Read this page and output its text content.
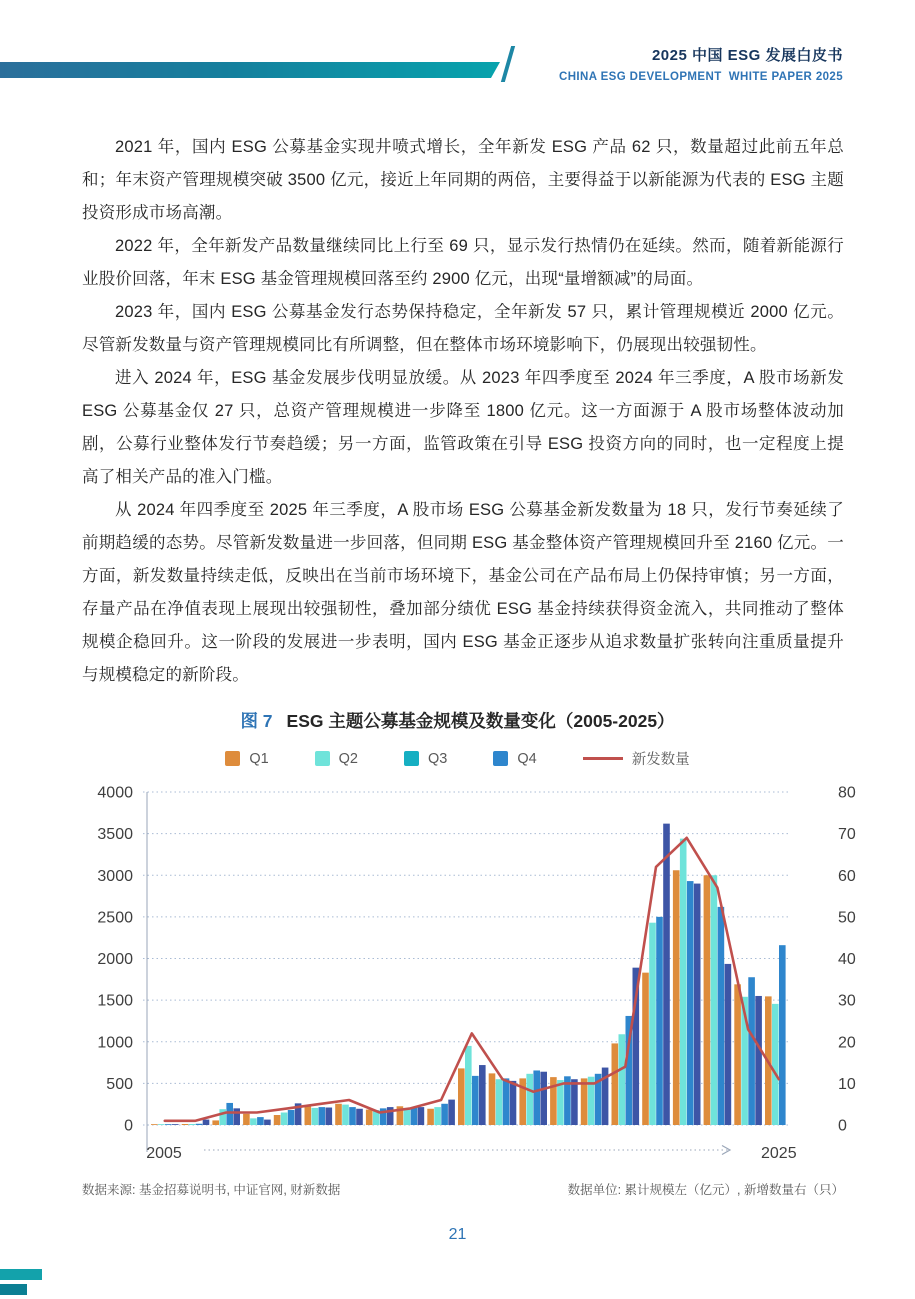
2025 中国 ESG 发展白皮书
CHINA ESG DEVELOPMENT  WHITE PAPER 2025

2021 年，国内 ESG 公募基金实现井喷式增长，全年新发 ESG 产品 62 只，数量超过此前五年总和；年末资产管理规模突破 3500 亿元，接近上年同期的两倍，主要得益于以新能源为代表的 ESG 主题投资形成市场高潮。

2022 年，全年新发产品数量继续同比上行至 69 只，显示发行热情仍在延续。然而，随着新能源行业股价回落，年末 ESG 基金管理规模回落至约 2900 亿元，出现“量增额减”的局面。

2023 年，国内 ESG 公募基金发行态势保持稳定，全年新发 57 只，累计管理规模近 2000 亿元。尽管新发数量与资产管理规模同比有所调整，但在整体市场环境影响下，仍展现出较强韧性。

进入 2024 年，ESG 基金发展步伐明显放缓。从 2023 年四季度至 2024 年三季度，A 股市场新发 ESG 公募基金仅 27 只，总资产管理规模进一步降至 1800 亿元。这一方面源于 A 股市场整体波动加剧，公募行业整体发行节奏趋缓；另一方面，监管政策在引导 ESG 投资方向的同时，也一定程度上提高了相关产品的准入门槛。

从 2024 年四季度至 2025 年三季度，A 股市场 ESG 公募基金新发数量为 18 只，发行节奏延续了前期趋缓的态势。尽管新发数量进一步回落，但同期 ESG 基金整体资产管理规模回升至 2160 亿元。一方面，新发数量持续走低，反映出在当前市场环境下，基金公司在产品布局上仍保持审慎；另一方面，存量产品在净值表现上展现出较强韧性，叠加部分绩优 ESG 基金持续获得资金流入，共同推动了整体规模企稳回升。这一阶段的发展进一步表明，国内 ESG 基金正逐步从追求数量扩张转向注重质量提升与规模稳定的新阶段。

图 7 ESG 主题公募基金规模及数量变化（2005-2025）
Q1	Q2	Q3	Q4	新发数量
0
500
1000
1500
2000
2500
3000
3500
4000
0
10
20
30
40
50
60
70
80
2005	2025
数据来源: 基金招募说明书, 中证官网, 财新数据	数据单位: 累计规模左（亿元）, 新增数量右（只）
21
